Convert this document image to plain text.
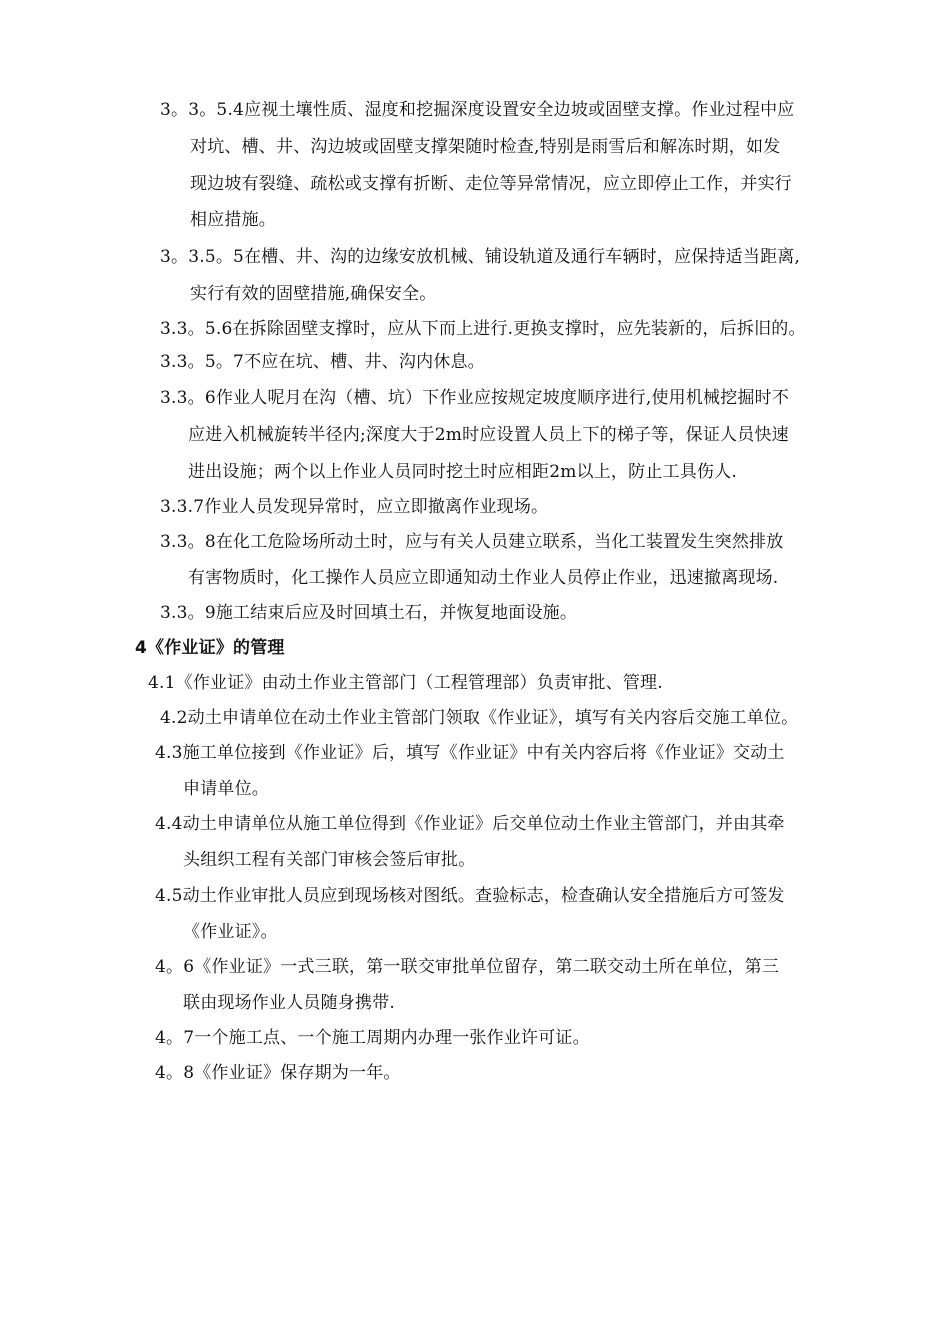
3。3。5.4应视土壤性质、湿度和挖掘深度设置安全边坡或固壁支撑。作业过程中应
对坑、槽、井、沟边坡或固壁支撑架随时检查,特别是雨雪后和解冻时期，如发
现边坡有裂缝、疏松或支撑有折断、走位等异常情况，应立即停止工作，并实行
相应措施。
3。3.5。5在槽、井、沟的边缘安放机械、铺设轨道及通行车辆时，应保持适当距离,
实行有效的固壁措施,确保安全。
3.3。5.6在拆除固壁支撑时，应从下而上进行.更换支撑时，应先装新的，后拆旧的。
3.3。5。7不应在坑、槽、井、沟内休息。
3.3。6作业人呢月在沟（槽、坑）下作业应按规定坡度顺序进行,使用机械挖掘时不
应进入机械旋转半径内;深度大于2m时应设置人员上下的梯子等，保证人员快速
进出设施；两个以上作业人员同时挖土时应相距2m以上，防止工具伤人.
3.3.7作业人员发现异常时，应立即撤离作业现场。
3.3。8在化工危险场所动土时，应与有关人员建立联系，当化工装置发生突然排放
有害物质时，化工操作人员应立即通知动土作业人员停止作业，迅速撤离现场.
3.3。9施工结束后应及时回填土石，并恢复地面设施。
4《作业证》的管理
4.1《作业证》由动土作业主管部门（工程管理部）负责审批、管理.
4.2动土申请单位在动土作业主管部门领取《作业证》，填写有关内容后交施工单位。
4.3施工单位接到《作业证》后，填写《作业证》中有关内容后将《作业证》交动土
申请单位。
4.4动土申请单位从施工单位得到《作业证》后交单位动土作业主管部门，并由其牵
头组织工程有关部门审核会签后审批。
4.5动土作业审批人员应到现场核对图纸。查验标志，检查确认安全措施后方可签发
《作业证》。
4。6《作业证》一式三联，第一联交审批单位留存，第二联交动土所在单位，第三
联由现场作业人员随身携带.
4。7一个施工点、一个施工周期内办理一张作业许可证。
4。8《作业证》保存期为一年。
